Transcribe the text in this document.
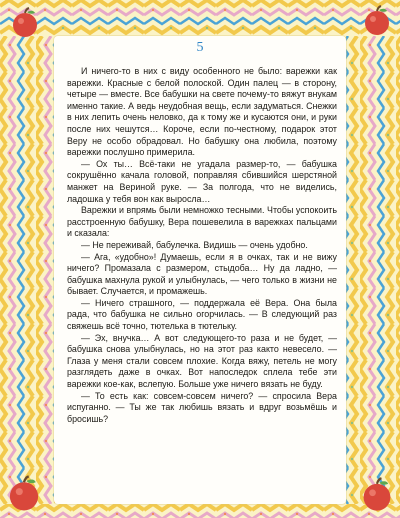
5

И ничего-то в них с виду особенного не было: варежки как варежки. Красные с белой полоской. Один палец — в сторону, четыре — вместе. Все бабушки на свете почему-то вяжут внукам именно такие. А ведь неудобная вещь, если задуматься. Снежки в них лепить очень неловко, да к тому же и кусаются они, и руки после них чешутся… Короче, если по-честному, подарок этот Веру не особо обрадовал. Но бабушку она любила, поэтому варежки послушно примерила.

— Ох ты… Всё-таки не угадала размер-то, — бабушка сокрушённо качала головой, поправляя сбившийся шерстяной манжет на Вериной руке. — За полгода, что не виделись, ладошка у тебя вон как выросла…

Варежки и впрямь были немножко тесными. Чтобы успокоить расстроенную бабушку, Вера пошевелила в варежках пальцами и сказала:

— Не переживай, бабулечка. Видишь — очень удобно.

— Ага, «удобно»! Думаешь, если я в очках, так и не вижу ничего? Промазала с размером, стыдоба… Ну да ладно, — бабушка махнула рукой и улыбнулась, — чего только в жизни не бывает. Случается, и промажешь.

— Ничего страшного, — поддержала её Вера. Она была рада, что бабушка не сильно огорчилась. — В следующий раз свяжешь всё точно, тютелька в тютельку.

— Эх, внучка… А вот следующего-то раза и не будет, — бабушка снова улыбнулась, но на этот раз както невесело. — Глаза у меня стали совсем плохие. Когда вяжу, петель не могу разглядеть даже в очках. Вот напоследок сплела тебе эти варежки кое-как, вслепую. Больше уже ничего вязать не буду.

— То есть как: совсем-совсем ничего? — спросила Вера испуганно. — Ты же так любишь вязать и вдруг возьмёшь и бросишь?
